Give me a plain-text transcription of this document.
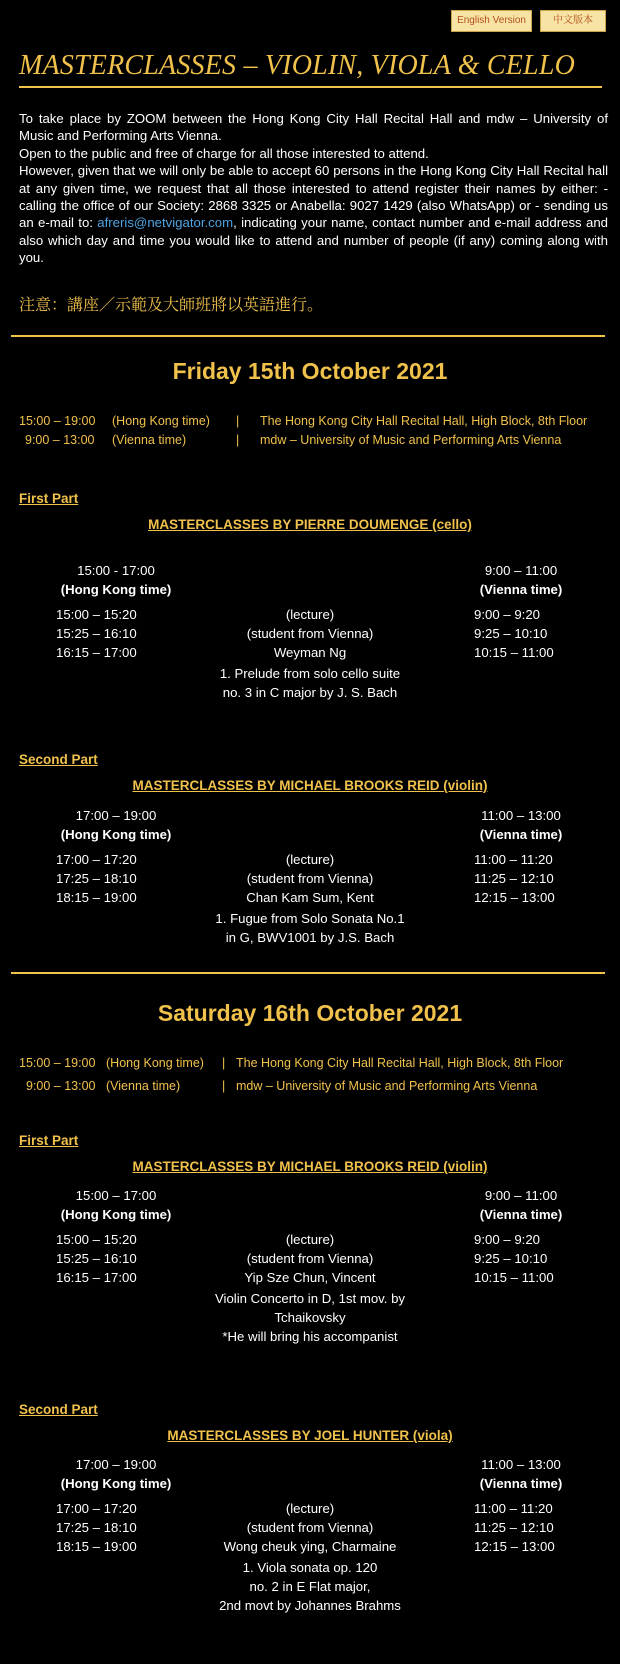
English Version	中文版本
MASTERCLASSES – VIOLIN, VIOLA & CELLO

To take place by ZOOM between the Hong Kong City Hall Recital Hall and mdw – University of Music and Performing Arts Vienna.

Open to the public and free of charge for all those interested to attend.

However, given that we will only be able to accept 60 persons in the Hong Kong City Hall Recital hall at any given time, we request that all those interested to attend register their names by either: - calling the office of our Society: 2868 3325 or Anabella: 9027 1429 (also WhatsApp) or - sending us an e-mail to: afreris@netvigator.com, indicating your name, contact number and e-mail address and also which day and time you would like to attend and number of people (if any) coming along with you.

注意：講座／示範及大師班將以英語進行。
Friday 15th October 2021
15:00 – 19:00 (Hong Kong time) | The Hong Kong City Hall Recital Hall, High Block, 8th Floor
9:00 – 13:00 (Vienna time)	| mdw – University of Music and Performing Arts Vienna
First Part
MASTERCLASSES BY PIERRE DOUMENGE (cello)
15:00 - 17:00
(Hong Kong time)
9:00 – 11:00
(Vienna time)
15:00 – 15:20	(lecture)	9:00 – 9:20
15:25 – 16:10	(student from Vienna)	9:25 – 10:10
16:15 – 17:00	Weyman Ng	10:15 – 11:00
1. Prelude from solo cello suite
no. 3 in C major by J. S. Bach
Second Part
MASTERCLASSES BY MICHAEL BROOKS REID (violin)
17:00 – 19:00
(Hong Kong time)
11:00 – 13:00
(Vienna time)
17:00 – 17:20	(lecture)	11:00 – 11:20
17:25 – 18:10	(student from Vienna)	11:25 – 12:10
18:15 – 19:00	Chan Kam Sum, Kent	12:15 – 13:00
1. Fugue from Solo Sonata No.1
in G, BWV1001 by J.S. Bach
Saturday 16th October 2021
15:00 – 19:00 (Hong Kong time) | The Hong Kong City Hall Recital Hall, High Block, 8th Floor
9:00 – 13:00 (Vienna time)	| mdw – University of Music and Performing Arts Vienna
First Part
MASTERCLASSES BY MICHAEL BROOKS REID (violin)
15:00 – 17:00
(Hong Kong time)
9:00 – 11:00
(Vienna time)
15:00 – 15:20	(lecture)	9:00 – 9:20
15:25 – 16:10	(student from Vienna)	9:25 – 10:10
16:15 – 17:00	Yip Sze Chun, Vincent	10:15 – 11:00
Violin Concerto in D, 1st mov. by
Tchaikovsky
*He will bring his accompanist
Second Part
MASTERCLASSES BY JOEL HUNTER (viola)
17:00 – 19:00
(Hong Kong time)
11:00 – 13:00
(Vienna time)
17:00 – 17:20	(lecture)	11:00 – 11:20
17:25 – 18:10	(student from Vienna)	11:25 – 12:10
18:15 – 19:00	Wong cheuk ying, Charmaine	12:15 – 13:00
1. Viola sonata op. 120
no. 2 in E Flat major,
2nd movt by Johannes Brahms
